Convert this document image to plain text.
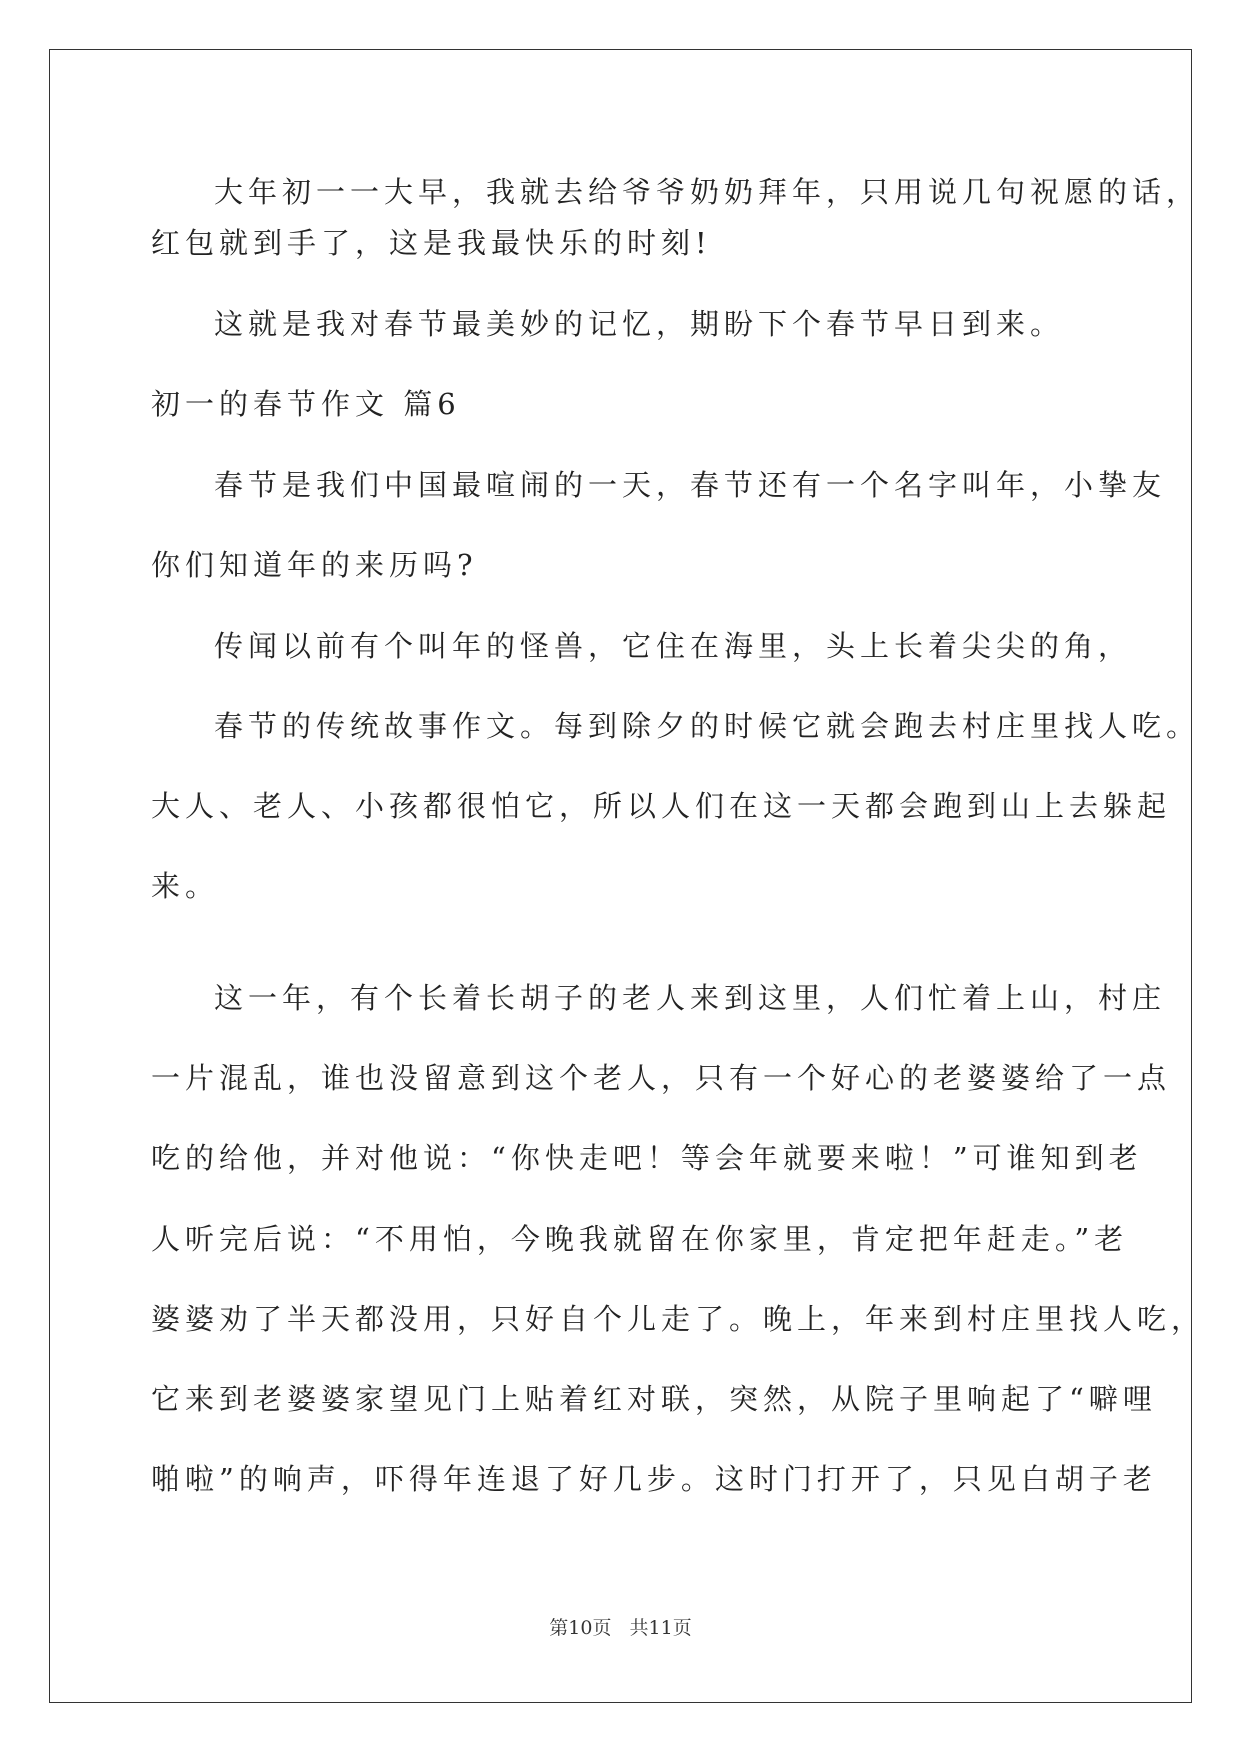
大年初一一大早，我就去给爷爷奶奶拜年，只用说几句祝愿的话，
红包就到手了，这是我最快乐的时刻!
这就是我对春节最美妙的记忆，期盼下个春节早日到来。
初一的春节作文 篇6
春节是我们中国最喧闹的一天，春节还有一个名字叫年，小挚友
你们知道年的来历吗?
传闻以前有个叫年的怪兽，它住在海里，头上长着尖尖的角，
春节的传统故事作文。每到除夕的时候它就会跑去村庄里找人吃。
大人、老人、小孩都很怕它，所以人们在这一天都会跑到山上去躲起
来。
这一年，有个长着长胡子的老人来到这里，人们忙着上山，村庄
一片混乱，谁也没留意到这个老人，只有一个好心的老婆婆给了一点
吃的给他，并对他说：“你快走吧！等会年就要来啦！”可谁知到老
人听完后说：“不用怕，今晚我就留在你家里，肯定把年赶走。”老
婆婆劝了半天都没用，只好自个儿走了。晚上，年来到村庄里找人吃，
它来到老婆婆家望见门上贴着红对联，突然，从院子里响起了“噼哩
啪啦”的响声，吓得年连退了好几步。这时门打开了，只见白胡子老
第10页 共11页
